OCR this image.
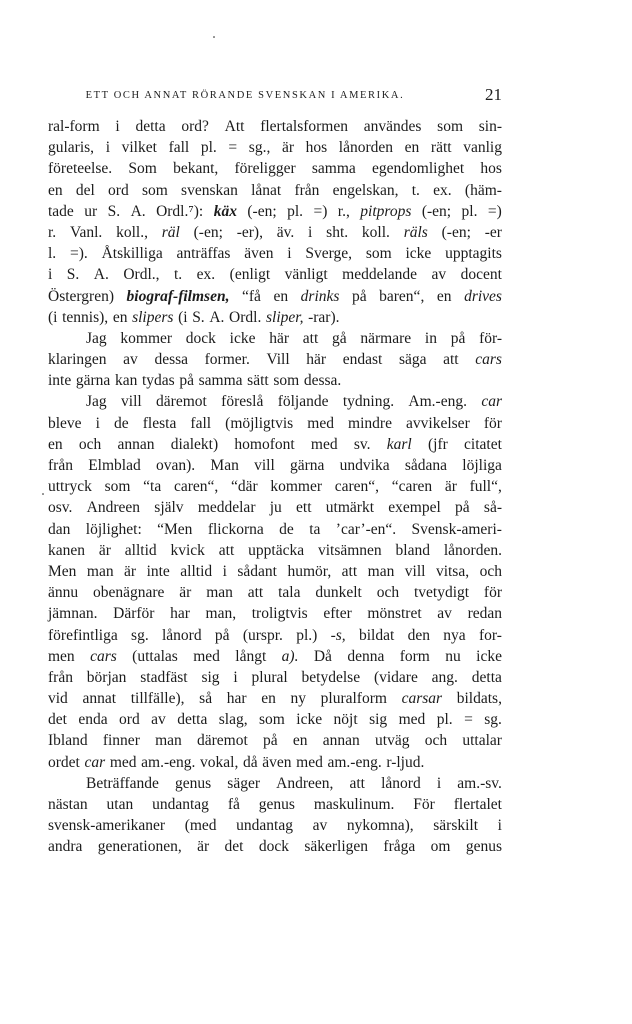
ETT OCH ANNAT RÖRANDE SVENSKAN I AMERIKA.	21
ral-form i detta ord? Att flertalsformen användes som sin-
gularis, i vilket fall pl. = sg., är hos lånorden en rätt vanlig
företeelse. Som bekant, föreligger samma egendomlighet hos
en del ord som svenskan lånat från engelskan, t. ex. (häm-
tade ur S. A. Ordl.⁷): käx (-en; pl. =) r., pitprops (-en; pl. =)
r. Vanl. koll., räl (-en; -er), äv. i sht. koll. räls (-en; -er
l. =). Åtskilliga anträffas även i Sverge, som icke upptagits
i S. A. Ordl., t. ex. (enligt vänligt meddelande av docent
Östergren) biograf-filmsen, “få en drinks på baren“, en drives
(i tennis), en slipers (i S. A. Ordl. sliper, -rar).
Jag kommer dock icke här att gå närmare in på för-
klaringen av dessa former. Vill här endast säga att cars
inte gärna kan tydas på samma sätt som dessa.
Jag vill däremot föreslå följande tydning. Am.-eng. car
bleve i de flesta fall (möjligtvis med mindre avvikelser för
en och annan dialekt) homofont med sv. karl (jfr citatet
från Elmblad ovan). Man vill gärna undvika sådana löjliga
uttryck som “ta caren“, “där kommer caren“, “caren är full“,
osv. Andreen själv meddelar ju ett utmärkt exempel på så-
dan löjlighet: “Men flickorna de ta ’car’-en“. Svensk-ameri-
kanen är alltid kvick att upptäcka vitsämnen bland lånorden.
Men man är inte alltid i sådant humör, att man vill vitsa, och
ännu obenägnare är man att tala dunkelt och tvetydigt för
jämnan. Därför har man, troligtvis efter mönstret av redan
förefintliga sg. lånord på (urspr. pl.) -s, bildat den nya for-
men cars (uttalas med långt a). Då denna form nu icke
från början stadfäst sig i plural betydelse (vidare ang. detta
vid annat tillfälle), så har en ny pluralform carsar bildats,
det enda ord av detta slag, som icke nöjt sig med pl. = sg.
Ibland finner man däremot på en annan utväg och uttalar
ordet car med am.-eng. vokal, då även med am.-eng. r-ljud.
Beträffande genus säger Andreen, att lånord i am.-sv.
nästan utan undantag få genus maskulinum. För flertalet
svensk-amerikaner (med undantag av nykomna), särskilt i
andra generationen, är det dock säkerligen fråga om genus
